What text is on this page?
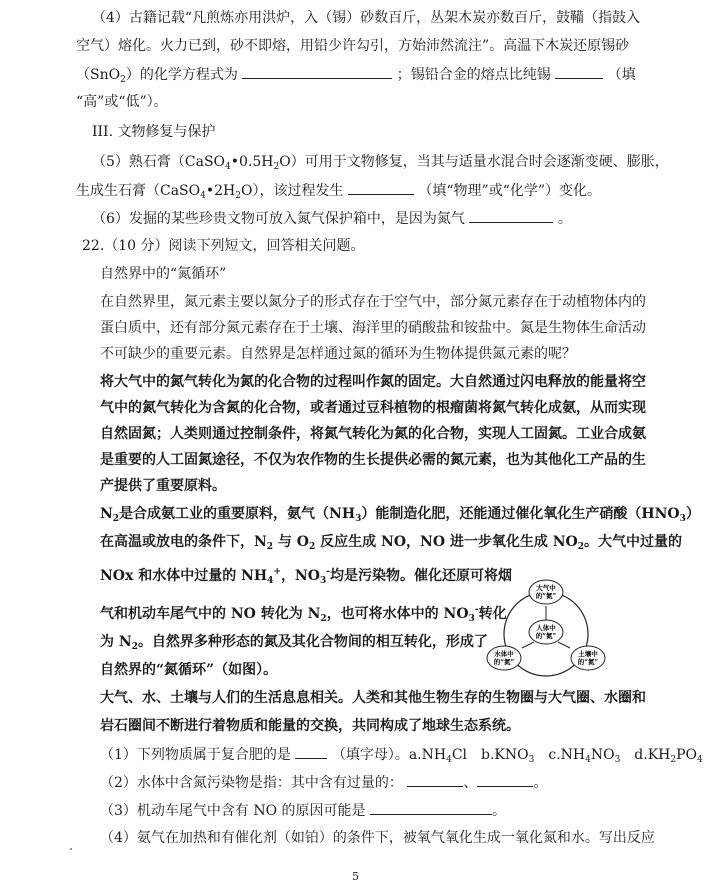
（4）古籍记载“凡煎炼亦用洪炉，入（锡）砂数百斤，丛架木炭亦数百斤，鼓鞴（指鼓入
空气）熔化。火力已到，砂不即熔，用铅少许勾引，方始沛然流注”。高温下木炭还原锡砂
（SnO$_2$）的化学方程式为	；锡铅合金的熔点比纯锡	（填
“高”或“低”）。
III. 文物修复与保护
（5）熟石膏$(CaSO_4•0.5H_2O)$可用于文物修复，当其与适量水混合时会逐渐变硬、膨胀，
生成生石膏$(CaSO_4•2H_2O)$，该过程发生	（填“物理”或“化学”）变化。
（6）发掘的某些珍贵文物可放入氮气保护箱中，是因为氮气	。
22.（10 分）阅读下列短文，回答相关问题。
自然界中的“氮循环”
在自然界里，氮元素主要以氮分子的形式存在于空气中，部分氮元素存在于动植物体内的
蛋白质中，还有部分氮元素存在于土壤、海洋里的硝酸盐和铵盐中。氮是生物体生命活动
不可缺少的重要元素。自然界是怎样通过氮的循环为生物体提供氮元素的呢？
将大气中的氮气转化为氮的化合物的过程叫作氮的固定。大自然通过闪电释放的能量将空
气中的氮气转化为含氮的化合物，或者通过豆科植物的根瘤菌将氮气转化成氨，从而实现
自然固氮；人类则通过控制条件，将氮气转化为氮的化合物，实现人工固氮。工业合成氨
是重要的人工固氮途径，不仅为农作物的生长提供必需的氮元素，也为其他化工产品的生
产提供了重要原料。
$N_2$是合成氨工业的重要原料，氨气$(NH_3)$能制造化肥，还能通过催化氧化生产硝酸$(HNO_3)$
在高温或放电的条件下，$N_2$ 与 $O_2$ 反应生成 NO，NO 进一步氧化生成 $NO_2$。大气中过量的
NOx 和水体中过量的 $NH_4^+$，$NO_3^-$均是污染物。催化还原可将烟
气和机动车尾气中的 NO 转化为 $N_2$，也可将水体中的 $NO_3^-$转化
为 $N_2$。自然界多种形态的氮及其化合物间的相互转化，形成了
自然界的“氮循环”（如图）。
大气中
的“氮”
人体中
的“氮”
水体中
的“氮”
土壤中
的“氮”
大气、水、土壤与人们的生活息息相关。人类和其他生物生存的生物圈与大气圈、水圈和
岩石圈间不断进行着物质和能量的交换，共同构成了地球生态系统。
（1）下列物质属于复合肥的是	（填字母）。$a.NH_4Cl$　$b.KNO_3$　$c.NH_4NO_3$　$d.KH_2PO_4$
（2）水体中含氮污染物是指：其中含有过量的：	、	。
（3）机动车尾气中含有 NO 的原因可能是	。
（4）氨气在加热和有催化剂（如铂）的条件下，被氧气氧化生成一氧化氮和水。写出反应
5
